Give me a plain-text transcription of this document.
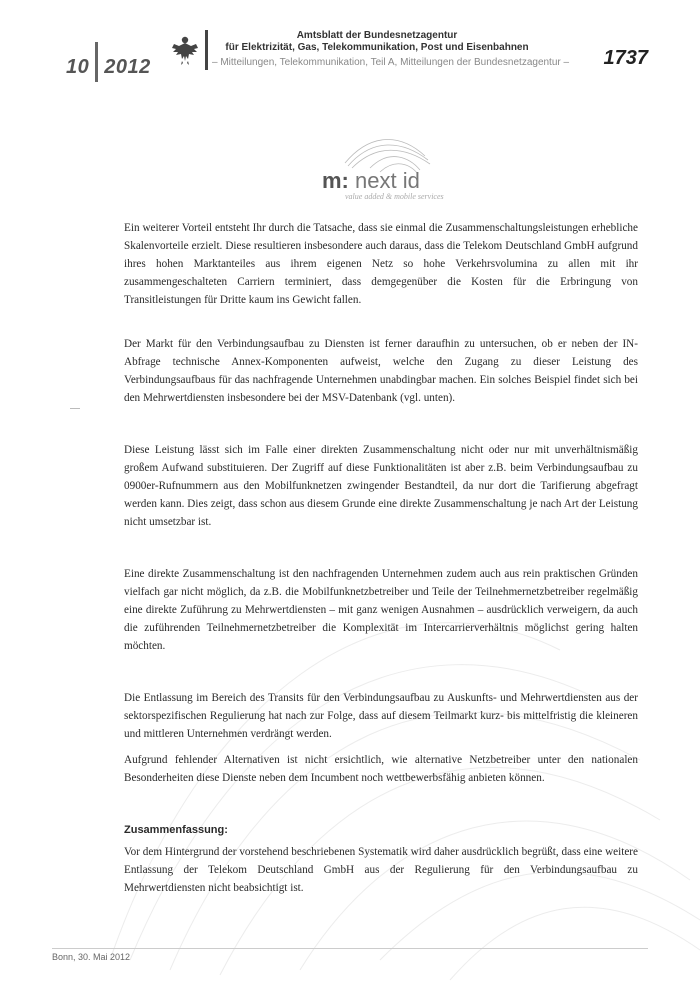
10 2012
Amtsblatt der Bundesnetzagentur
für Elektrizität, Gas, Telekommunikation, Post und Eisenbahnen
– Mitteilungen, Telekommunikation, Teil A, Mitteilungen der Bundesnetzagentur – 1737
m: next id
value added & mobile services

Ein weiterer Vorteil entsteht Ihr durch die Tatsache, dass sie einmal die Zusammenschaltungsleistungen erhebliche Skalenvorteile erzielt. Diese resultieren insbesondere auch daraus, dass die Telekom Deutschland GmbH aufgrund ihres hohen Marktanteiles aus ihrem eigenen Netz so hohe Verkehrsvolumina zu allen mit ihr zusammengeschalteten Carriern terminiert, dass demgegenüber die Kosten für die Erbringung von Transitleistungen für Dritte kaum ins Gewicht fallen.

Der Markt für den Verbindungsaufbau zu Diensten ist ferner daraufhin zu untersuchen, ob er neben der IN-Abfrage technische Annex-Komponenten aufweist, welche den Zugang zu dieser Leistung des Verbindungsaufbaus für das nachfragende Unternehmen unabdingbar machen. Ein solches Beispiel findet sich bei den Mehrwertdiensten insbesondere bei der MSV-Datenbank (vgl. unten).

Diese Leistung lässt sich im Falle einer direkten Zusammenschaltung nicht oder nur mit unverhältnismäßig großem Aufwand substituieren. Der Zugriff auf diese Funktionalitäten ist aber z.B. beim Verbindungsaufbau zu 0900er-Rufnummern aus den Mobilfunknetzen zwingender Bestandteil, da nur dort die Tarifierung abgefragt werden kann. Dies zeigt, dass schon aus diesem Grunde eine direkte Zusammenschaltung je nach Art der Leistung nicht umsetzbar ist.

Eine direkte Zusammenschaltung ist den nachfragenden Unternehmen zudem auch aus rein praktischen Gründen vielfach gar nicht möglich, da z.B. die Mobilfunknetzbetreiber und Teile der Teilnehmernetzbetreiber regelmäßig eine direkte Zuführung zu Mehrwertdiensten – mit ganz wenigen Ausnahmen – ausdrücklich verweigern, da auch die zuführenden Teilnehmernetzbetreiber die Komplexität im Intercarrierverhältnis möglichst gering halten möchten.

Die Entlassung im Bereich des Transits für den Verbindungsaufbau zu Auskunfts- und Mehrwertdiensten aus der sektorspezifischen Regulierung hat nach zur Folge, dass auf diesem Teilmarkt kurz- bis mittelfristig die kleineren und mittleren Unternehmen verdrängt werden.

Aufgrund fehlender Alternativen ist nicht ersichtlich, wie alternative Netzbetreiber unter den nationalen Besonderheiten diese Dienste neben dem Incumbent noch wettbewerbsfähig anbieten können.

Zusammenfassung:

Vor dem Hintergrund der vorstehend beschriebenen Systematik wird daher ausdrücklich begrüßt, dass eine weitere Entlassung der Telekom Deutschland GmbH aus der Regulierung für den Verbindungsaufbau zu Mehrwertdiensten nicht beabsichtigt ist.

Bonn, 30. Mai 2012
